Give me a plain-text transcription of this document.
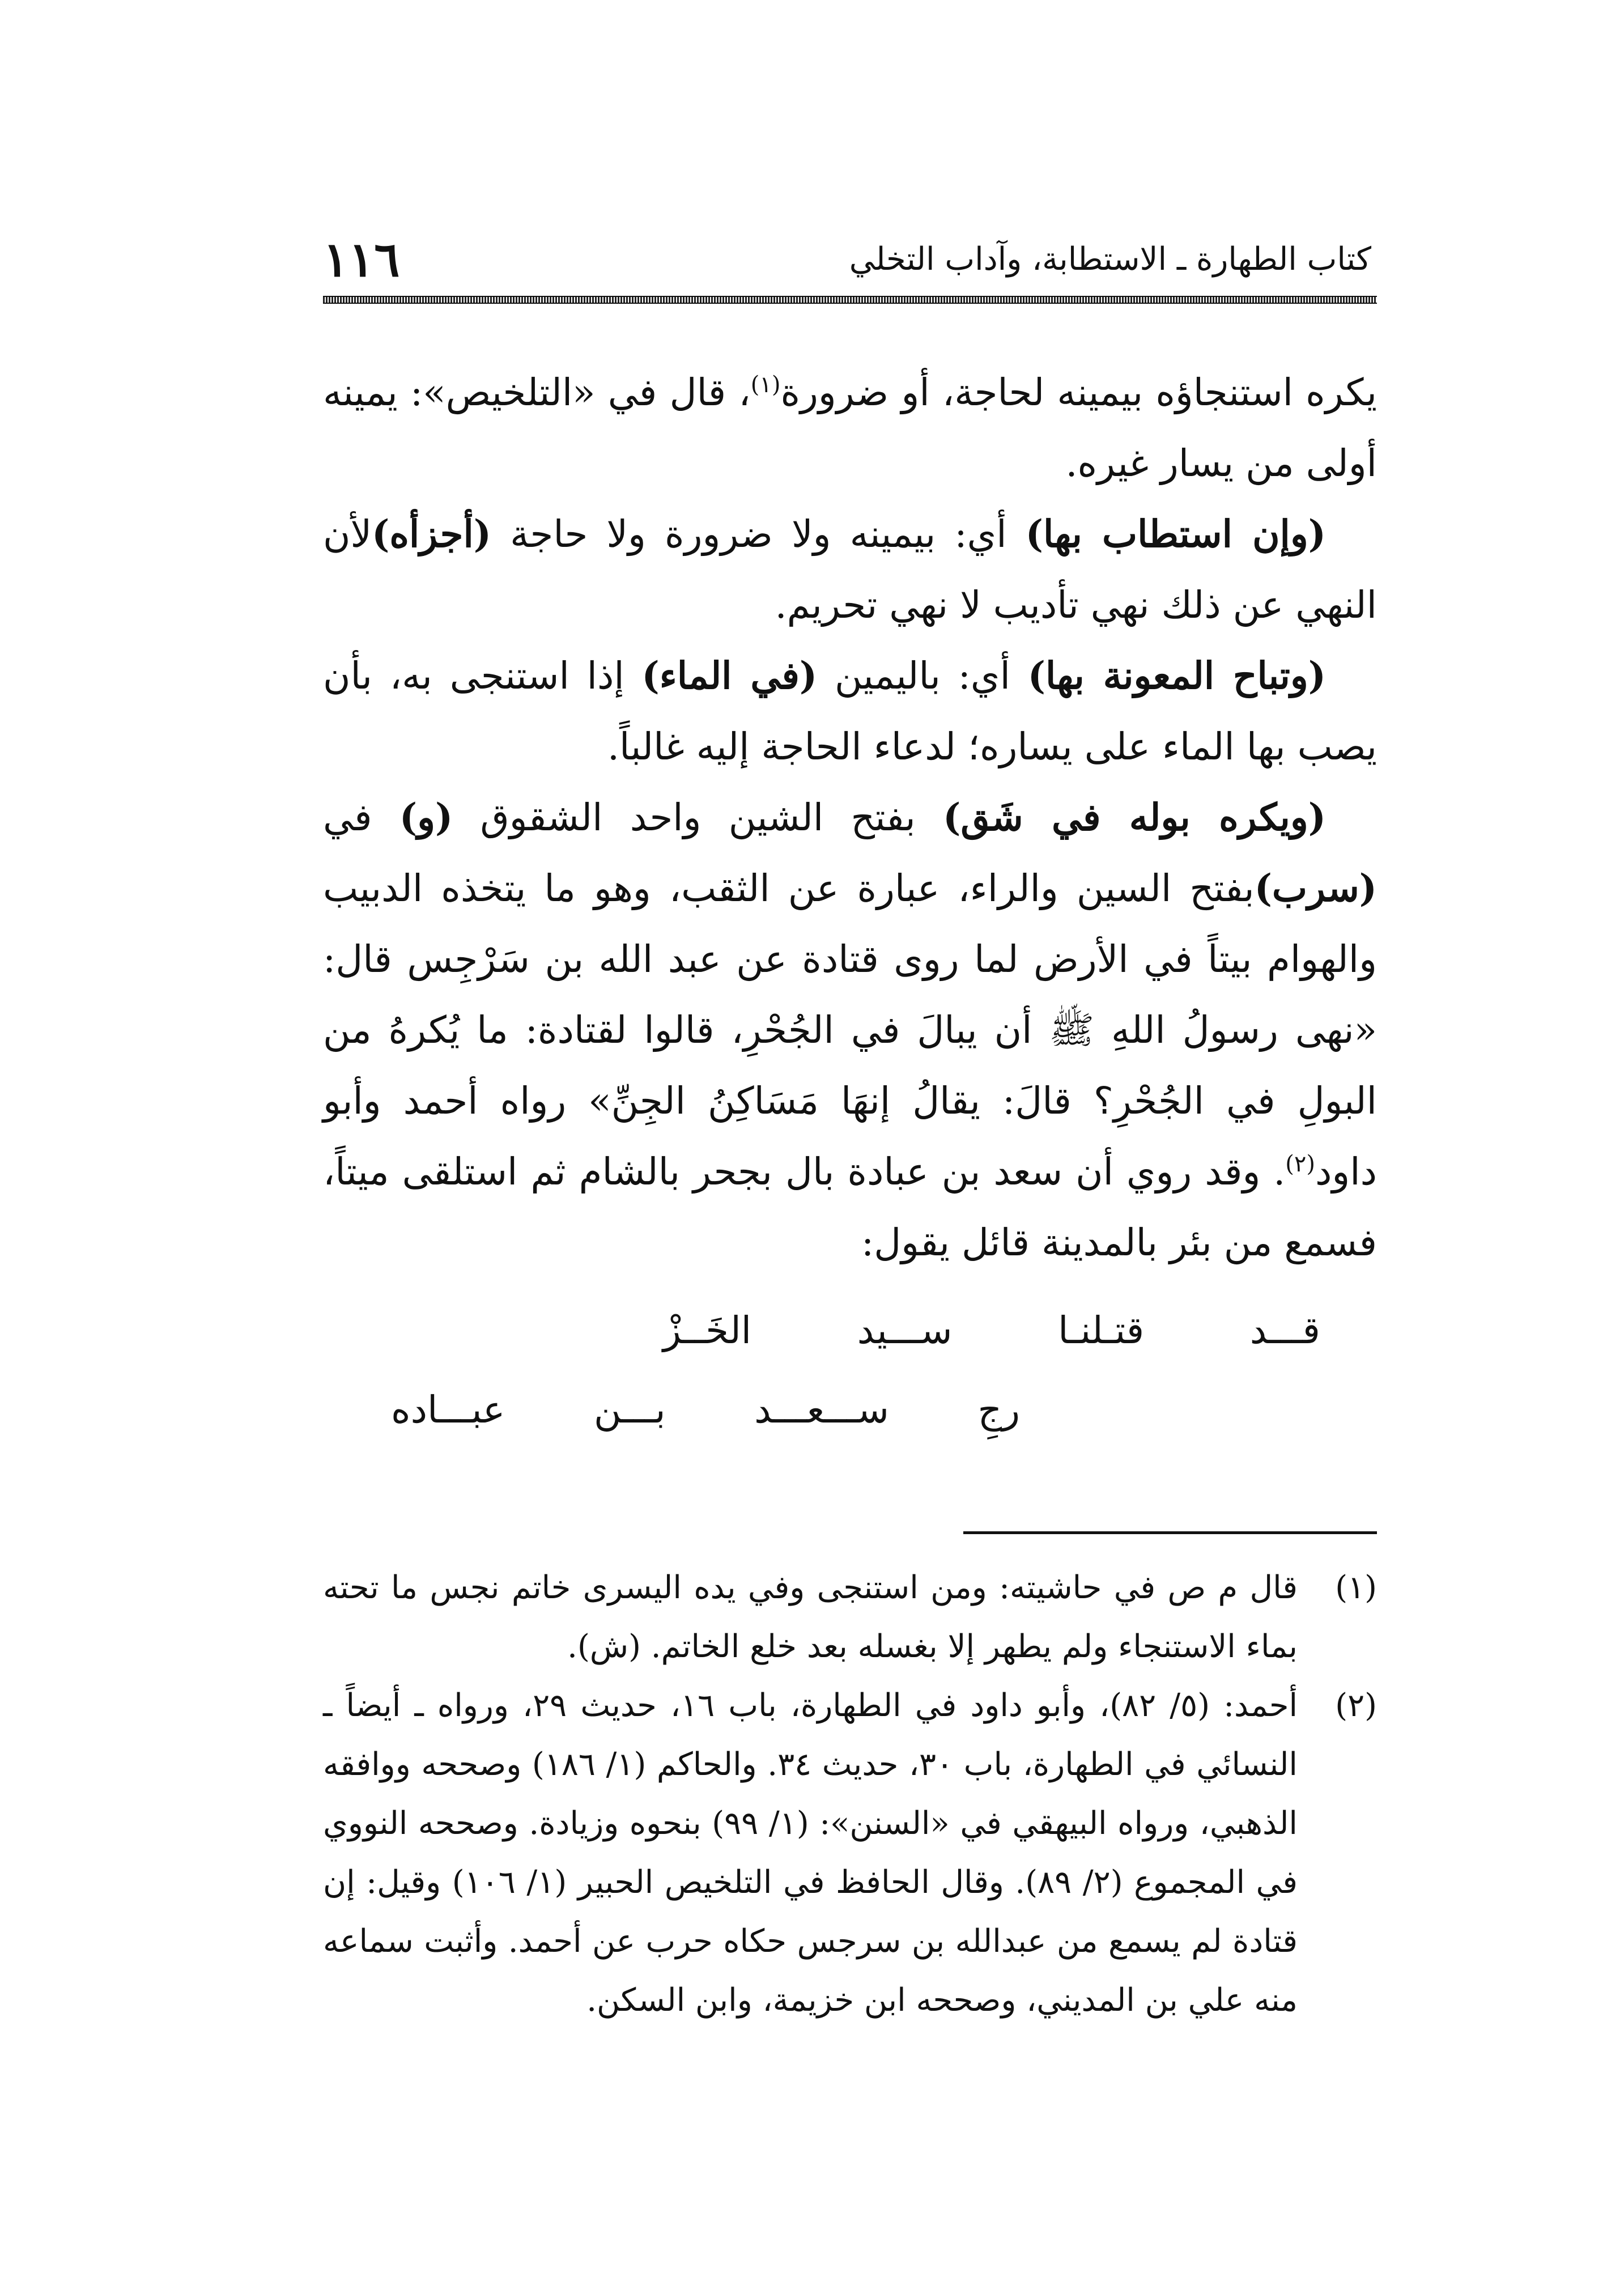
١١٦	كتاب الطهارة ـ الاستطابة، وآداب التخلي

يكره استنجاؤه بيمينه لحاجة، أو ضرورة$^{(١)}$، قال في «التلخيص»: يمينه أولى من يسار غيره.

(وإن استطاب بها) أي: بيمينه ولا ضرورة ولا حاجة (أجزأه)لأن النهي عن ذلك نهي تأديب لا نهي تحريم.

(وتباح المعونة بها) أي: باليمين (في الماء) إذا استنجى به، بأن يصب بها الماء على يساره؛ لدعاء الحاجة إليه غالباً.

(ويكره بوله في شَق) بفتح الشين واحد الشقوق (و) في (سرب)بفتح السين والراء، عبارة عن الثقب، وهو ما يتخذه الدبيب والهوام بيتاً في الأرض لما روى قتادة عن عبد الله بن سَرْجِس قال: «نهى رسولُ اللهِ ﷺ أن يبالَ في الجُحْرِ، قالوا لقتادة: ما يُكرهُ من البولِ في الجُحْرِ؟ قالَ: يقالُ إنهَا مَسَاكِنُ الجِنِّ» رواه أحمد وأبو داود$^{(٢)}$. وقد روي أن سعد بن عبادة بال بجحر بالشام ثم استلقى ميتاً، فسمع من بئر بالمدينة قائل يقول:

قـــد قتـلنـا ســـيد الخَــزْ
رجِ ســـعـــد بـــن عبـــاده
(١)
قال م ص في حاشيته: ومن استنجى وفي يده اليسرى خاتم نجس ما تحته بماء الاستنجاء ولم يطهر إلا بغسله بعد خلع الخاتم. (ش).
(٢)
أحمد: (٥/ ٨٢)، وأبو داود في الطهارة، باب ١٦، حديث ٢٩، ورواه ـ أيضاً ـ النسائي في الطهارة، باب ٣٠، حديث ٣٤. والحاكم (١/ ١٨٦) وصححه ووافقه الذهبي، ورواه البيهقي في «السنن»: (١/ ٩٩) بنحوه وزيادة. وصححه النووي في المجموع (٢/ ٨٩). وقال الحافظ في التلخيص الحبير (١/ ١٠٦) وقيل: إن قتادة لم يسمع من عبدالله بن سرجس حكاه حرب عن أحمد. وأثبت سماعه منه علي بن المديني، وصححه ابن خزيمة، وابن السكن.
